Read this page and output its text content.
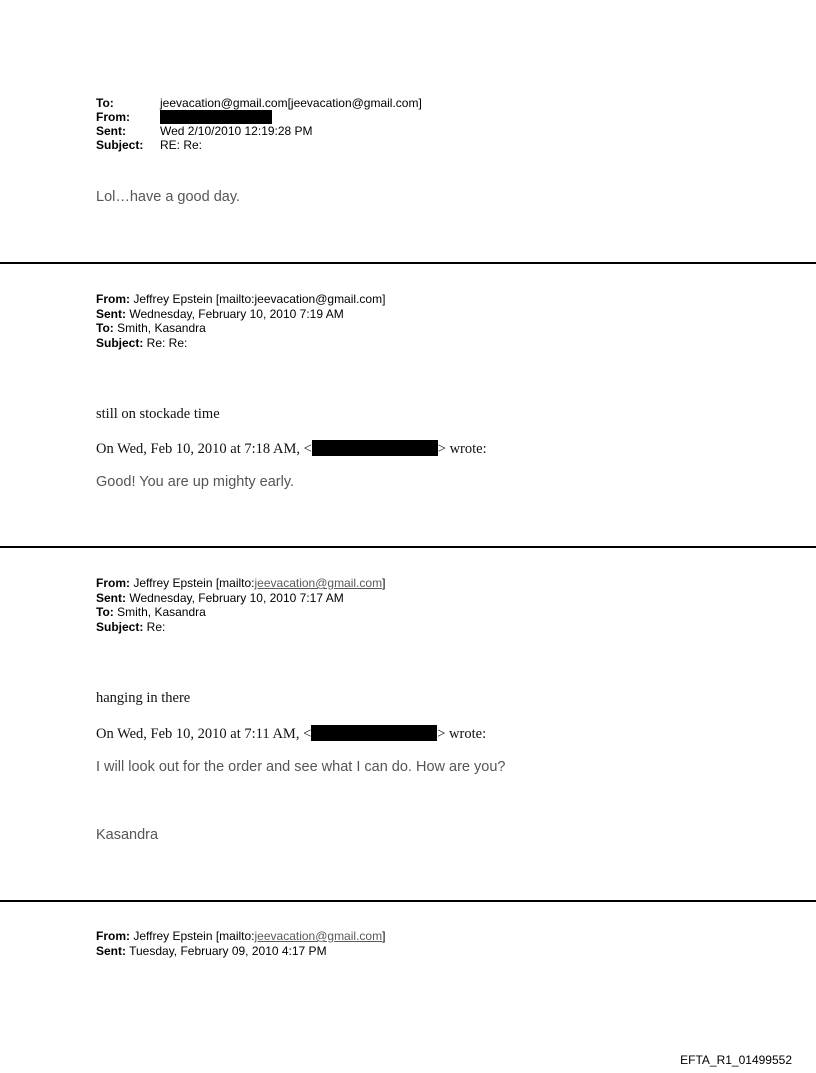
To:	jeevacation@gmail.com[jeevacation@gmail.com]
From:
Sent:	Wed 2/10/2010 12:19:28 PM
Subject:	RE: Re:
Lol…have a good day.
From: Jeffrey Epstein [mailto:jeevacation@gmail.com]
Sent: Wednesday, February 10, 2010 7:19 AM
To: Smith, Kasandra
Subject: Re: Re:
still on stockade time
On Wed, Feb 10, 2010 at 7:18 AM, <	> wrote:
Good! You are up mighty early.
From: Jeffrey Epstein [mailto:jeevacation@gmail.com]
Sent: Wednesday, February 10, 2010 7:17 AM
To: Smith, Kasandra
Subject: Re:
hanging in there
On Wed, Feb 10, 2010 at 7:11 AM, <	> wrote:
I will look out for the order and see what I can do. How are you?
Kasandra
From: Jeffrey Epstein [mailto:jeevacation@gmail.com]
Sent: Tuesday, February 09, 2010 4:17 PM
EFTA_R1_01499552
